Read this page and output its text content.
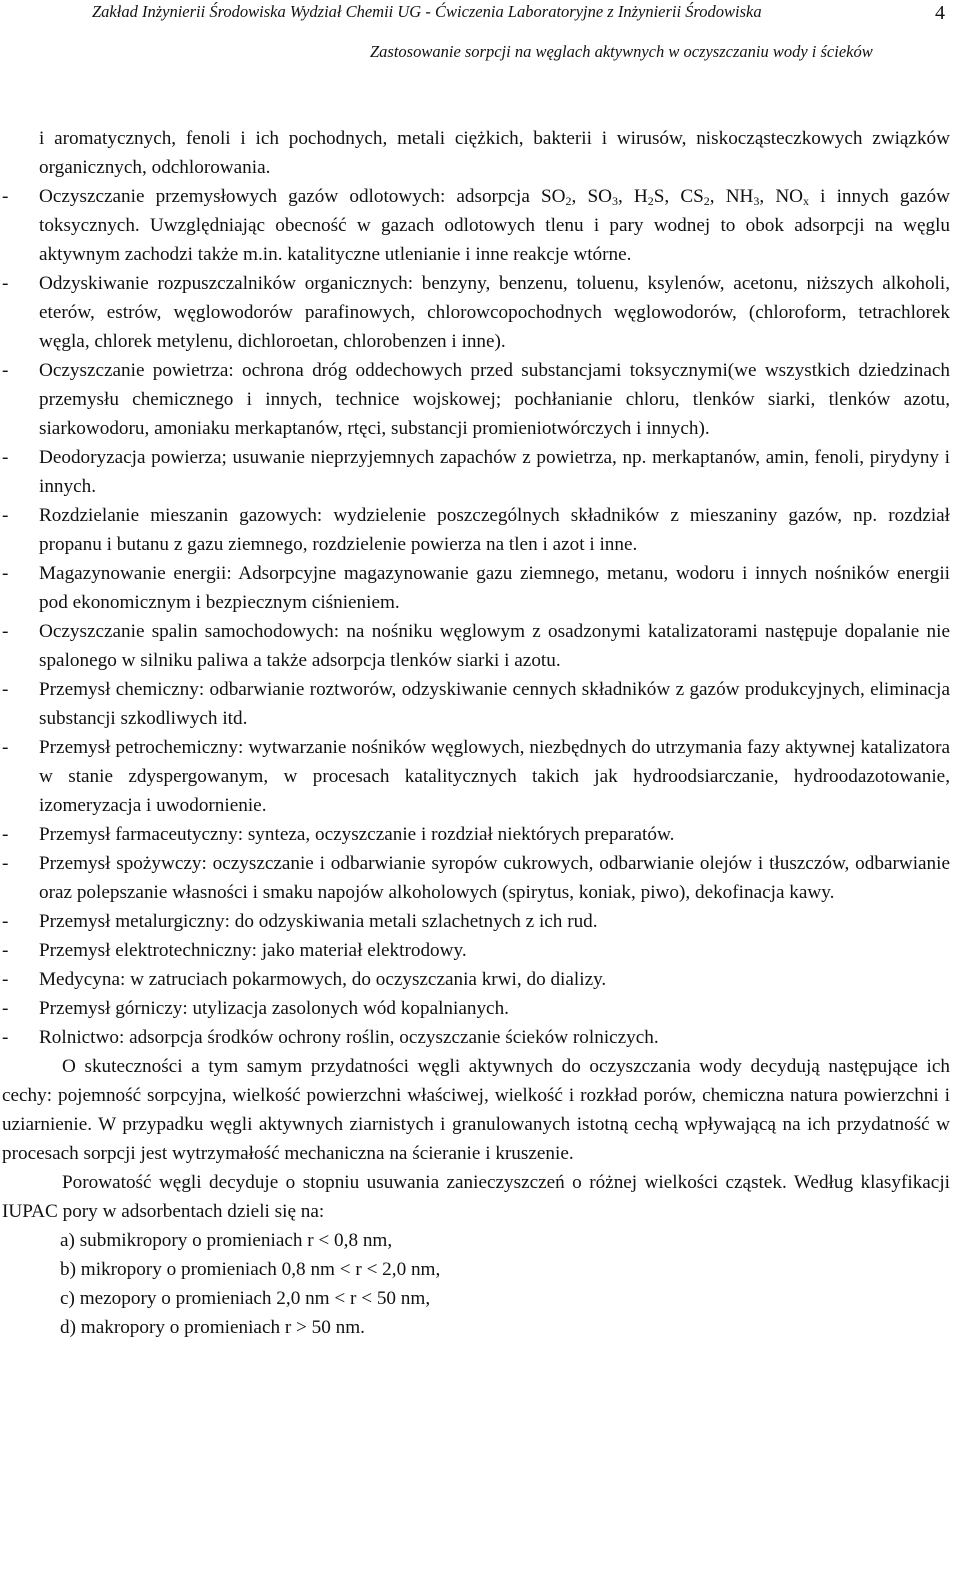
Zakład Inżynierii Środowiska Wydział Chemii UG - Ćwiczenia Laboratoryjne z Inżynierii Środowiska	4
Zastosowanie sorpcji na węglach aktywnych w oczyszczaniu wody i ścieków
i aromatycznych, fenoli i ich pochodnych, metali ciężkich, bakterii i wirusów, niskocząsteczkowych związków organicznych, odchlorowania.
-	Oczyszczanie przemysłowych gazów odlotowych: adsorpcja $SO_2$, $SO_3$, $H_2S$, $CS_2$, $NH_3$, $NO_x$ i innych gazów toksycznych. Uwzględniając obecność w gazach odlotowych tlenu i pary wodnej to obok adsorpcji na węglu aktywnym zachodzi także m.in. katalityczne utlenianie i inne reakcje wtórne.
-	Odzyskiwanie rozpuszczalników organicznych: benzyny, benzenu, toluenu, ksylenów, acetonu, niższych alkoholi, eterów, estrów, węglowodorów parafinowych, chlorowcopochodnych węglowodorów, (chloroform, tetrachlorek węgla, chlorek metylenu, dichloroetan, chlorobenzen i inne).
-	Oczyszczanie powietrza: ochrona dróg oddechowych przed substancjami toksycznymi(we wszystkich dziedzinach przemysłu chemicznego i innych, technice wojskowej; pochłanianie chloru, tlenków siarki, tlenków azotu, siarkowodoru, amoniaku merkaptanów, rtęci, substancji promieniotwórczych i innych).
-	Deodoryzacja powierza; usuwanie nieprzyjemnych zapachów z powietrza, np. merkaptanów, amin, fenoli, pirydyny i innych.
-	Rozdzielanie mieszanin gazowych: wydzielenie poszczególnych składników z mieszaniny gazów, np. rozdział propanu i butanu z gazu ziemnego, rozdzielenie powierza na tlen i azot i inne.
-	Magazynowanie energii: Adsorpcyjne magazynowanie gazu ziemnego, metanu, wodoru i innych nośników energii pod ekonomicznym i bezpiecznym ciśnieniem.
-	Oczyszczanie spalin samochodowych: na nośniku węglowym z osadzonymi katalizatorami następuje dopalanie nie spalonego w silniku paliwa a także adsorpcja tlenków siarki i azotu.
-	Przemysł chemiczny: odbarwianie roztworów, odzyskiwanie cennych składników z gazów produkcyjnych, eliminacja substancji szkodliwych itd.
-	Przemysł petrochemiczny: wytwarzanie nośników węglowych, niezbędnych do utrzymania fazy aktywnej katalizatora w stanie zdyspergowanym, w procesach katalitycznych takich jak hydroodsiarczanie, hydroodazotowanie, izomeryzacja i uwodornienie.
-	Przemysł farmaceutyczny: synteza, oczyszczanie i rozdział niektórych preparatów.
-	Przemysł spożywczy: oczyszczanie i odbarwianie syropów cukrowych, odbarwianie olejów i tłuszczów, odbarwianie oraz polepszanie własności i smaku napojów alkoholowych (spirytus, koniak, piwo), dekofinacja kawy.
-	Przemysł metalurgiczny: do odzyskiwania metali szlachetnych z ich rud.
-	Przemysł elektrotechniczny: jako materiał elektrodowy.
-	Medycyna: w zatruciach pokarmowych, do oczyszczania krwi, do dializy.
-	Przemysł górniczy: utylizacja zasolonych wód kopalnianych.
-	Rolnictwo: adsorpcja środków ochrony roślin, oczyszczanie ścieków rolniczych.

O skuteczności a tym samym przydatności węgli aktywnych do oczyszczania wody decydują następujące ich cechy: pojemność sorpcyjna, wielkość powierzchni właściwej, wielkość i rozkład porów, chemiczna natura powierzchni i uziarnienie. W przypadku węgli aktywnych ziarnistych i granulowanych istotną cechą wpływającą na ich przydatność w procesach sorpcji jest wytrzymałość mechaniczna na ścieranie i kruszenie.

Porowatość węgli decyduje o stopniu usuwania zanieczyszczeń o różnej wielkości cząstek. Według klasyfikacji IUPAC pory w adsorbentach dzieli się na:

a) submikropory o promieniach r < 0,8 nm,
b) mikropory o promieniach 0,8 nm < r < 2,0 nm,
c) mezopory o promieniach 2,0 nm < r < 50 nm,
d) makropory o promieniach r > 50 nm.
